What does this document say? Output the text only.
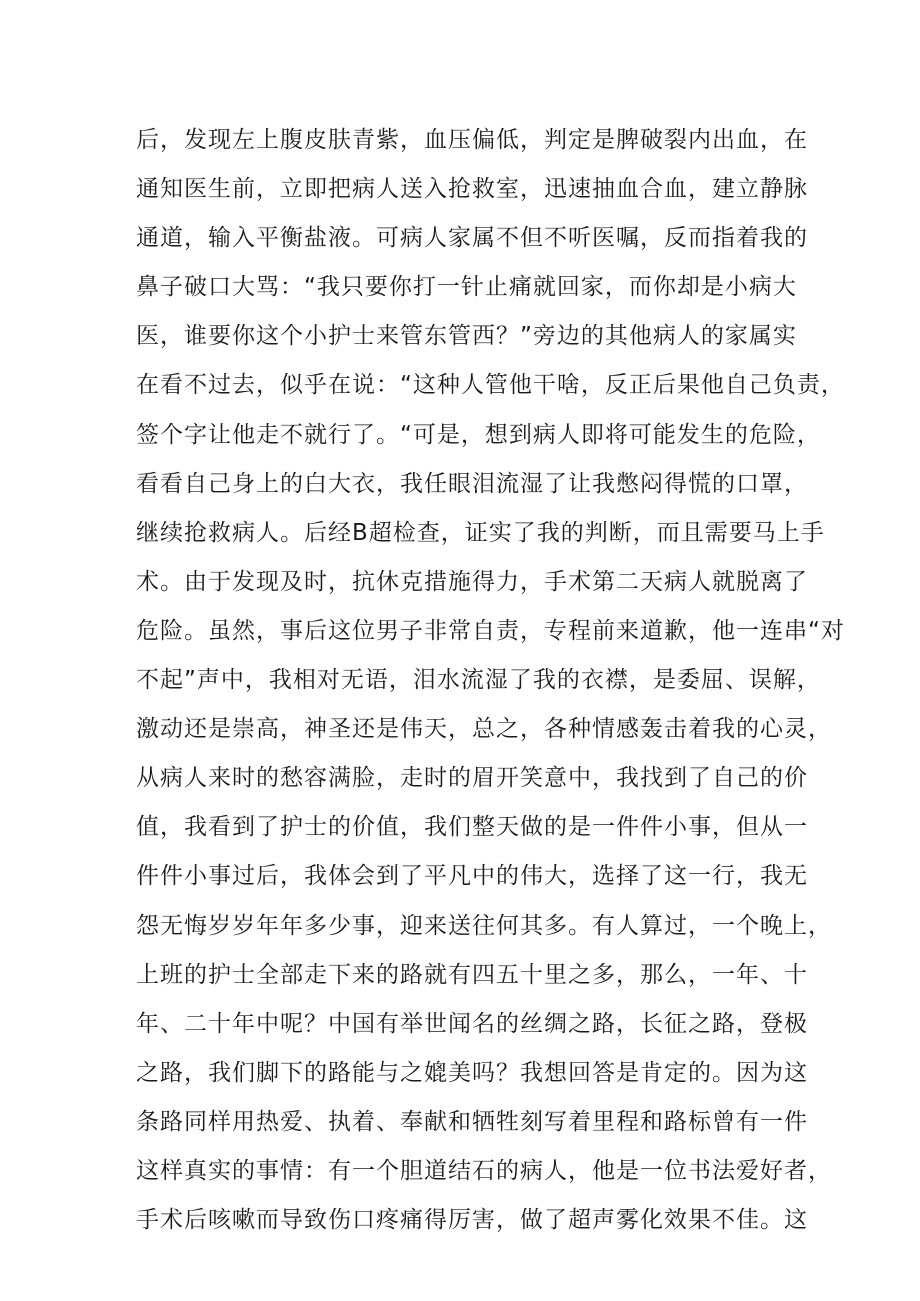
后，发现左上腹皮肤青紫，血压偏低，判定是脾破裂内出血，在
通知医生前，立即把病人送入抢救室，迅速抽血合血，建立静脉
通道，输入平衡盐液。可病人家属不但不听医嘱，反而指着我的
鼻子破口大骂：“我只要你打一针止痛就回家，而你却是小病大
医，谁要你这个小护士来管东管西？”旁边的其他病人的家属实
在看不过去，似乎在说：“这种人管他干啥，反正后果他自己负责，
签个字让他走不就行了。“可是，想到病人即将可能发生的危险，
看看自己身上的白大衣，我任眼泪流湿了让我憋闷得慌的口罩，
继续抢救病人。后经B超检查，证实了我的判断，而且需要马上手
术。由于发现及时，抗休克措施得力，手术第二天病人就脱离了
危险。虽然，事后这位男子非常自责，专程前来道歉，他一连串“对
不起”声中，我相对无语，泪水流湿了我的衣襟，是委屈、误解，
激动还是崇高，神圣还是伟天，总之，各种情感轰击着我的心灵，
从病人来时的愁容满脸，走时的眉开笑意中，我找到了自己的价
值，我看到了护士的价值，我们整天做的是一件件小事，但从一
件件小事过后，我体会到了平凡中的伟大，选择了这一行，我无
怨无悔岁岁年年多少事，迎来送往何其多。有人算过，一个晚上，
上班的护士全部走下来的路就有四五十里之多，那么，一年、十
年、二十年中呢？中国有举世闻名的丝绸之路，长征之路，登极
之路，我们脚下的路能与之媲美吗？我想回答是肯定的。因为这
条路同样用热爱、执着、奉献和牺牲刻写着里程和路标曾有一件
这样真实的事情：有一个胆道结石的病人，他是一位书法爱好者，
手术后咳嗽而导致伤口疼痛得厉害，做了超声雾化效果不佳。这
